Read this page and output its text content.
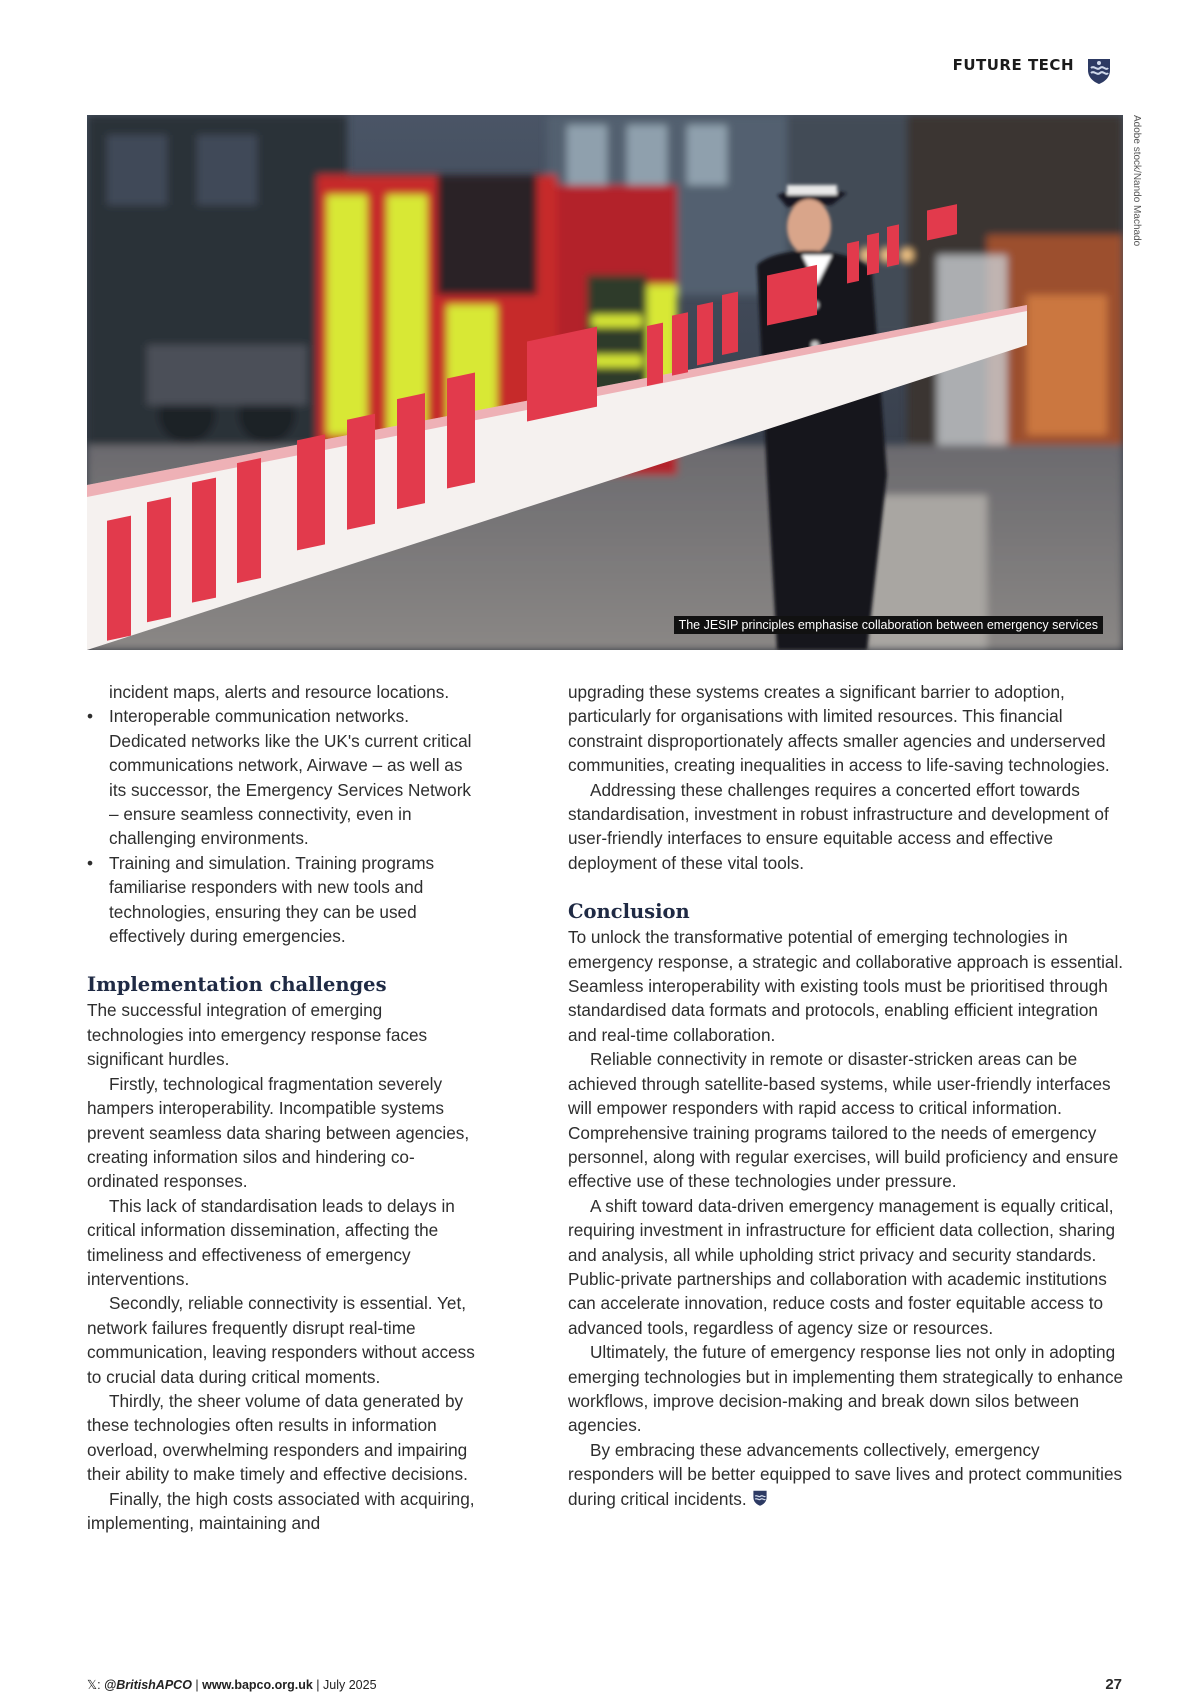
FUTURE TECH
The JESIP principles emphasise collaboration between emergency services
Adobe stock/Nando Machado

incident maps, alerts and resource locations.

• Interoperable communication networks. Dedicated networks like the UK's current critical communications network, Airwave – as well as its successor, the Emergency Services Network – ensure seamless connectivity, even in challenging environments.
• Training and simulation. Training programs familiarise responders with new tools and technologies, ensuring they can be used effectively during emergencies.
Implementation challenges

The successful integration of emerging technologies into emergency response faces significant hurdles.

Firstly, technological fragmentation severely hampers interoperability. Incompatible systems prevent seamless data sharing between agencies, creating information silos and hindering co-ordinated responses.

This lack of standardisation leads to delays in critical information dissemination, affecting the timeliness and effectiveness of emergency interventions.

Secondly, reliable connectivity is essential. Yet, network failures frequently disrupt real-time communication, leaving responders without access to crucial data during critical moments.

Thirdly, the sheer volume of data generated by these technologies often results in information overload, overwhelming responders and impairing their ability to make timely and effective decisions.

Finally, the high costs associated with acquiring, implementing, maintaining and

upgrading these systems creates a significant barrier to adoption, particularly for organisations with limited resources. This financial constraint disproportionately affects smaller agencies and underserved communities, creating inequalities in access to life-saving technologies.

Addressing these challenges requires a concerted effort towards standardisation, investment in robust infrastructure and development of user-friendly interfaces to ensure equitable access and effective deployment of these vital tools.

Conclusion

To unlock the transformative potential of emerging technologies in emergency response, a strategic and collaborative approach is essential. Seamless interoperability with existing tools must be prioritised through standardised data formats and protocols, enabling efficient integration and real-time collaboration.

Reliable connectivity in remote or disaster-stricken areas can be achieved through satellite-based systems, while user-friendly interfaces will empower responders with rapid access to critical information. Comprehensive training programs tailored to the needs of emergency personnel, along with regular exercises, will build proficiency and ensure effective use of these technologies under pressure.

A shift toward data-driven emergency management is equally critical, requiring investment in infrastructure for efficient data collection, sharing and analysis, all while upholding strict privacy and security standards. Public-private partnerships and collaboration with academic institutions can accelerate innovation, reduce costs and foster equitable access to advanced tools, regardless of agency size or resources.

Ultimately, the future of emergency response lies not only in adopting emerging technologies but in implementing them strategically to enhance workflows, improve decision-making and break down silos between agencies.

By embracing these advancements collectively, emergency responders will be better equipped to save lives and protect communities during critical incidents.

𝕏: @BritishAPCO | www.bapco.org.uk | July 2025	27
